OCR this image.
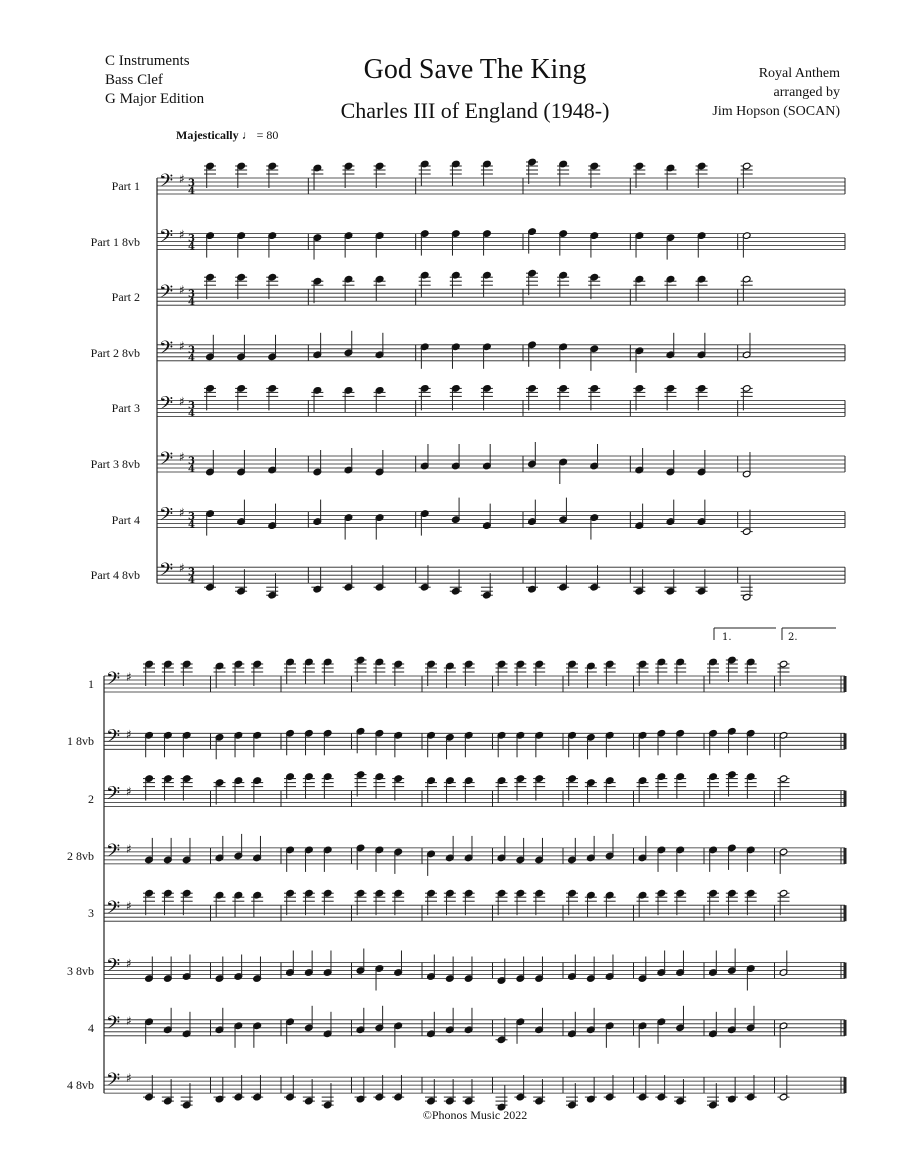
C Instruments
Bass Clef
G Major Edition
God Save The King
Charles III of England (1948-)
Royal Anthem
arranged by
Jim Hopson (SOCAN)
Majestically ♩ = 80
Part 1
Part 1 8vb
Part 2
Part 2 8vb
Part 3
Part 3 8vb
Part 4
Part 4 8vb
1
1 8vb
2
2 8vb
3
3 8vb
4
4 8vb
𝄢 ♯ 3
4
𝄢 ♯ 3
4
𝄢 ♯ 3
4
𝄢 ♯ 3
4
𝄢 ♯ 3
4
𝄢 ♯ 3
4
𝄢 ♯ 3
4
𝄢 ♯ 3
4
𝄢 ♯
𝄢 ♯
𝄢 ♯
𝄢 ♯
𝄢 ♯
𝄢 ♯
𝄢 ♯
𝄢 ♯
1.	2.
©Phonos Music 2022
